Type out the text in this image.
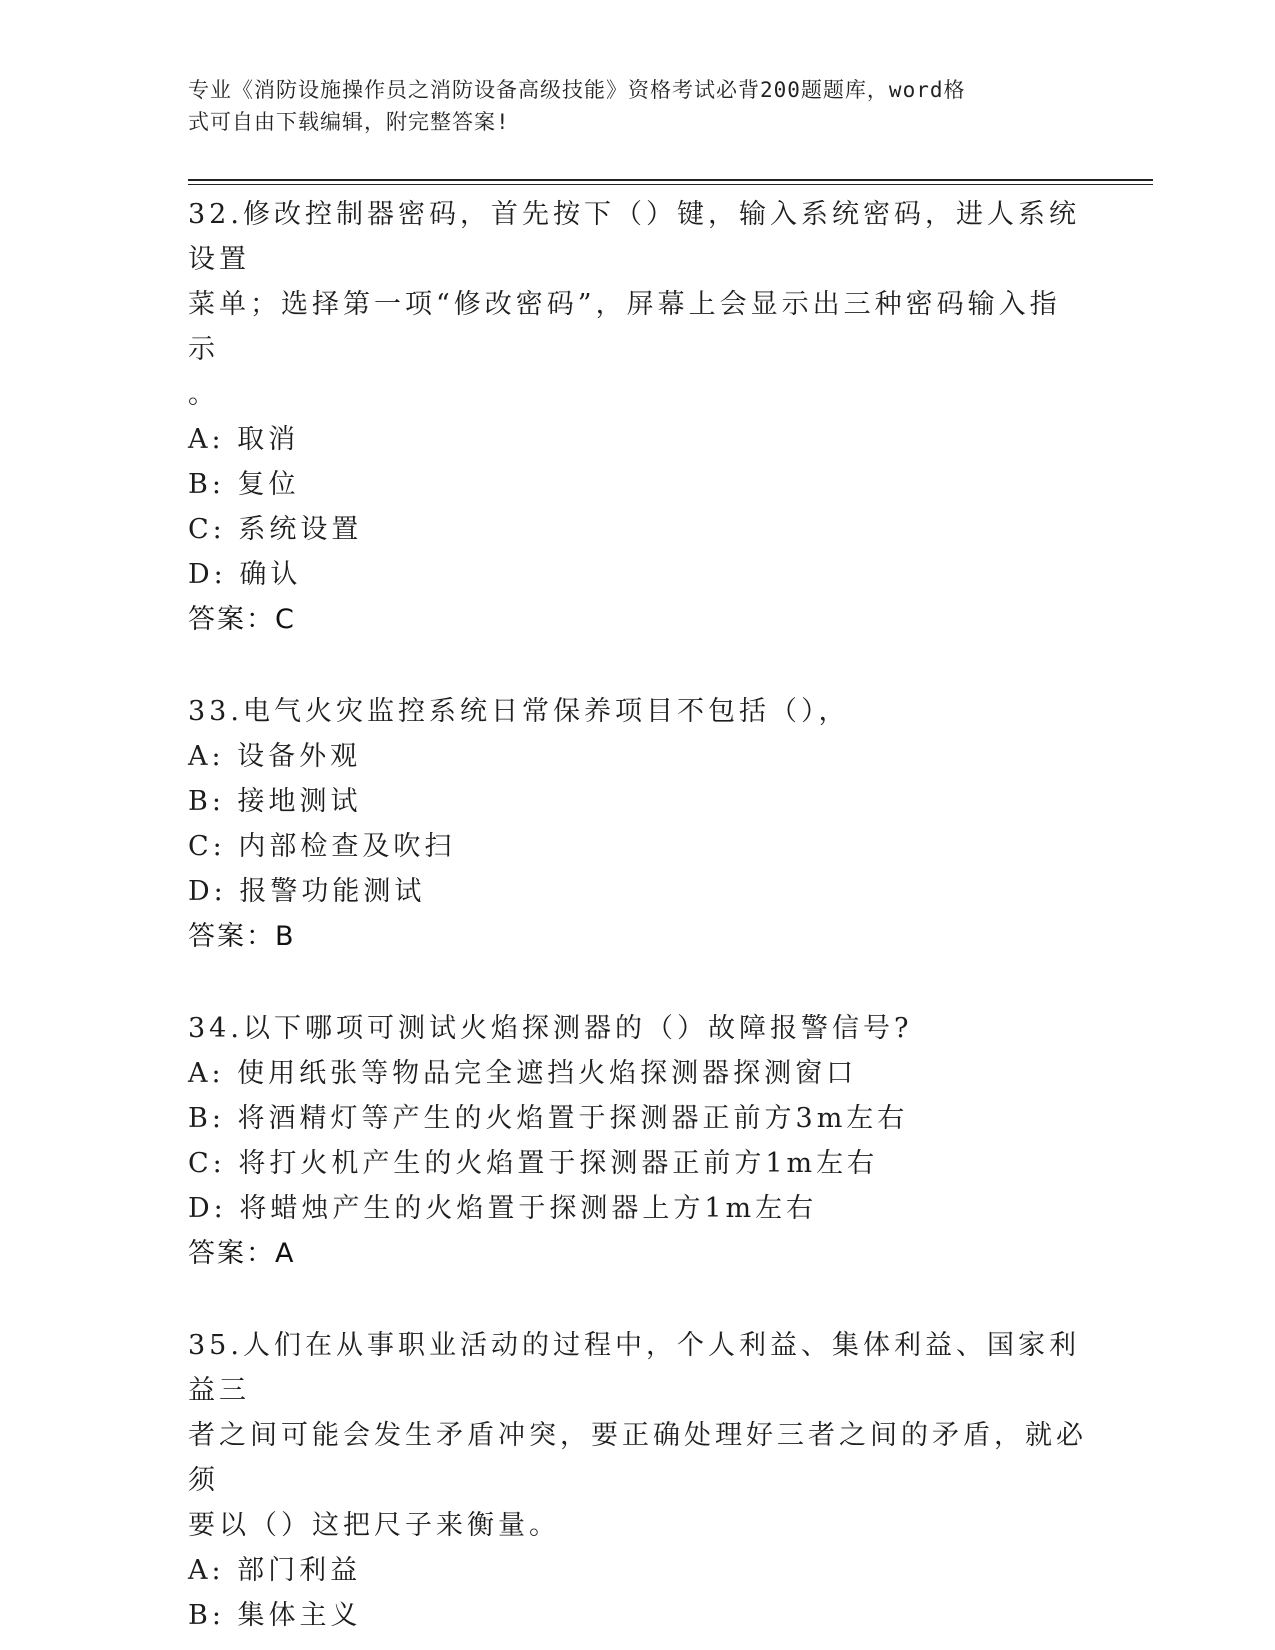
专业《消防设施操作员之消防设备高级技能》资格考试必背200题题库，word格
式可自由下载编辑，附完整答案!

32.修改控制器密码，首先按下（）键，输入系统密码，进人系统设置

菜单；选择第一项“修改密码”，屏幕上会显示出三种密码输入指示

。

A: 取消

B: 复位

C: 系统设置

D: 确认

答案：C

33.电气火灾监控系统日常保养项目不包括（），

A: 设备外观

B: 接地测试

C: 内部检查及吹扫

D: 报警功能测试

答案：B

34.以下哪项可测试火焰探测器的（）故障报警信号?

A: 使用纸张等物品完全遮挡火焰探测器探测窗口

B: 将酒精灯等产生的火焰置于探测器正前方3m左右

C: 将打火机产生的火焰置于探测器正前方1m左右

D: 将蜡烛产生的火焰置于探测器上方1m左右

答案：A

35.人们在从事职业活动的过程中，个人利益、集体利益、国家利益三

者之间可能会发生矛盾冲突，要正确处理好三者之间的矛盾，就必须

要以（）这把尺子来衡量。

A: 部门利益

B: 集体主义
